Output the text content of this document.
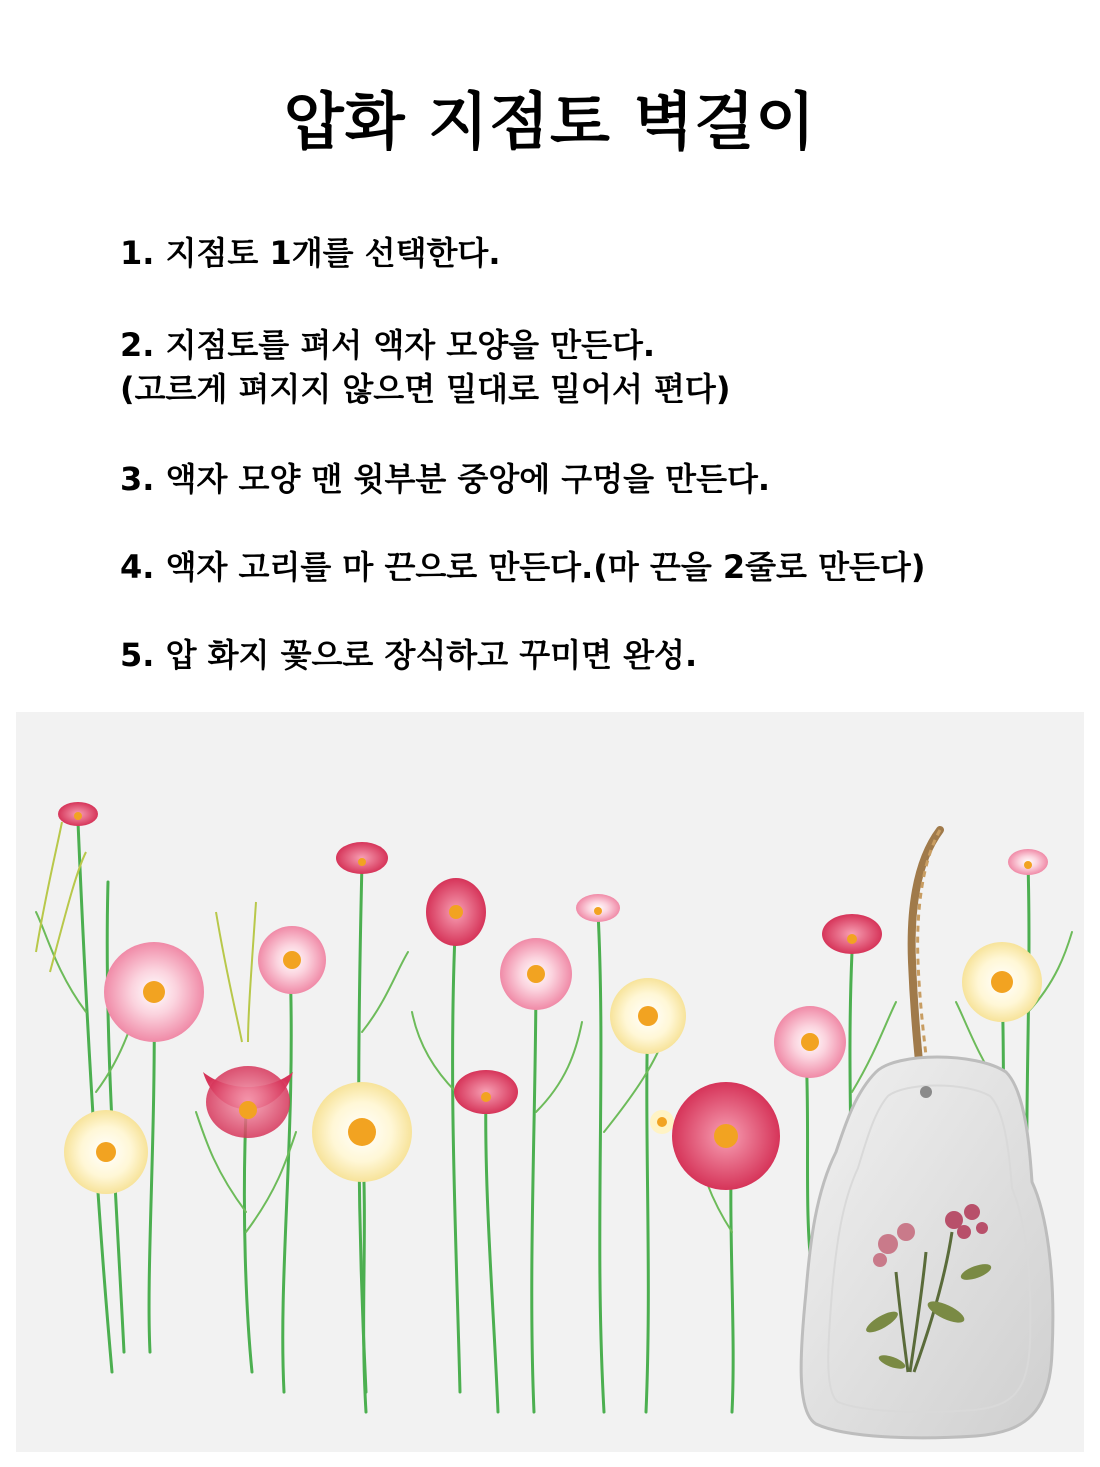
압화 지점토 벽걸이

1. 지점토 1개를 선택한다.

2. 지점토를 펴서 액자 모양을 만든다.

(고르게 펴지지 않으면 밀대로 밀어서 편다)

3. 액자 모양 맨 윗부분 중앙에 구멍을 만든다.

4. 액자 고리를 마 끈으로 만든다.(마 끈을 2줄로 만든다)

5. 압 화지 꽃으로 장식하고 꾸미면 완성.
